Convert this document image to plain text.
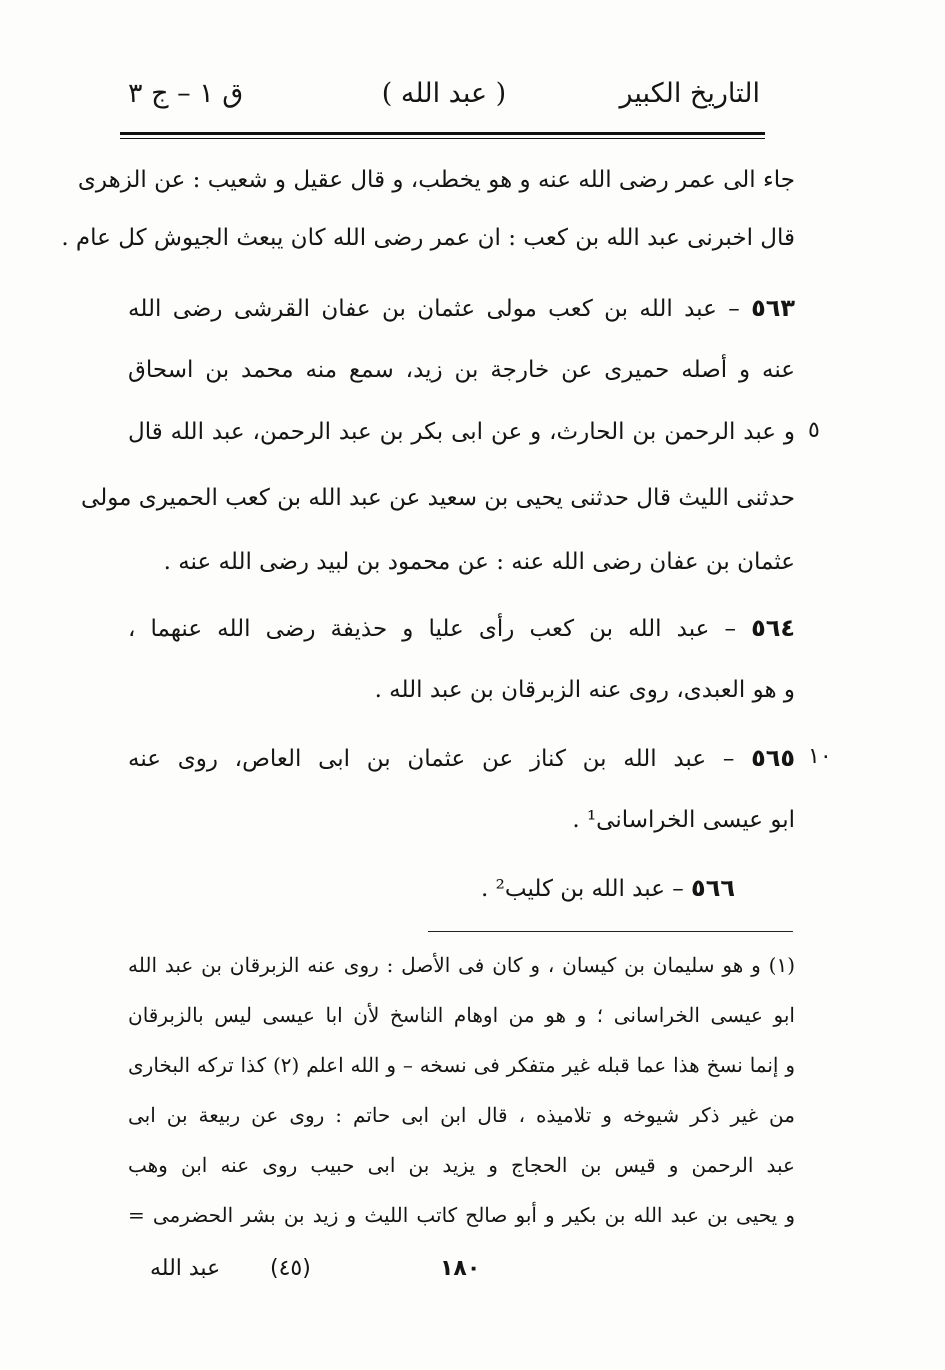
التاريخ الكبير
( عبد الله )
ق ١ – ج ٣
جاء الى عمر رضى الله عنه و هو يخطب، و قال عقيل و شعيب : عن الزهرى
قال اخبرنى عبد الله بن كعب : ان عمر رضى الله كان يبعث الجيوش كل عام .
٥٦٣ – عبد الله بن كعب مولى عثمان بن عفان القرشى رضى الله
عنه و أصله حميرى عن خارجة بن زيد، سمع منه محمد بن اسحاق
و عبد الرحمن بن الحارث، و عن ابى بكر بن عبد الرحمن، عبد الله قال ٥
حدثنى الليث قال حدثنى يحيى بن سعيد عن عبد الله بن كعب الحميرى مولى
عثمان بن عفان رضى الله عنه : عن محمود بن لبيد رضى الله عنه .
٥٦٤ – عبد الله بن كعب رأى عليا و حذيفة رضى الله عنهما ،
و هو العبدى، روى عنه الزبرقان بن عبد الله .
٥٦٥ – عبد الله بن كناز عن عثمان بن ابى العاص، روى عنه	١٠
ابو عيسى الخراسانى¹ .
٥٦٦ – عبد الله بن كليب² .
(١) و هو سليمان بن كيسان ، و كان فى الأصل : روى عنه الزبرقان بن عبد الله
ابو عيسى الخراسانى ؛ و هو من اوهام الناسخ لأن ابا عيسى ليس بالزبرقان
و إنما نسخ هذا عما قبله غير متفكر فى نسخه – و الله اعلم (٢) كذا تركه البخارى
من غير ذكر شيوخه و تلاميذه ، قال ابن ابى حاتم : روى عن ربيعة بن ابى
عبد الرحمن و قيس بن الحجاج و يزيد بن ابى حبيب روى عنه ابن وهب
و يحيى بن عبد الله بن بكير و أبو صالح كاتب الليث و زيد بن بشر الحضرمى =
عبد الله (٤٥)	١٨٠
